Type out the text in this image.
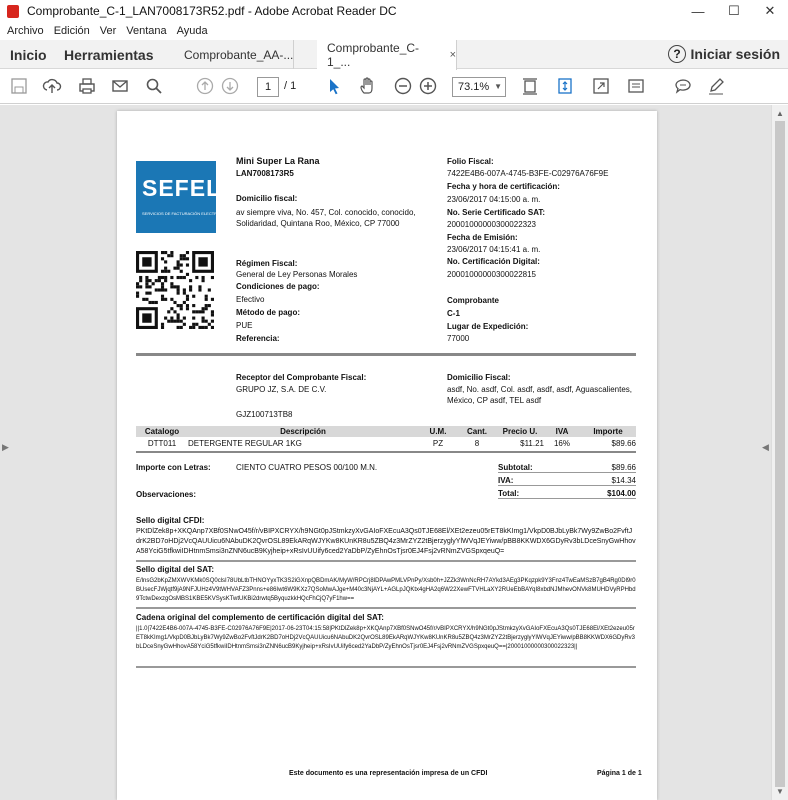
Comprobante_C-1_LAN7008173R52.pdf - Adobe Acrobat Reader DC	—	☐	✕
Archivo Edición Ver Ventana Ayuda
Inicio Herramientas	Comprobante_AA-...	Comprobante_C-1_...	×	? Iniciar sesión
1	/ 1	73.1% ▼
▶	◀
▲
▼
SEFEL
SERVICIOS DE FACTURACIÓN ELECTRÓNICA
Mini Super La Rana
LAN7008173R5
Domicilio fiscal:
av siempre viva, No. 457, Col. conocido, conocido,
Solidaridad, Quintana Roo, México, CP 77000
Régimen Fiscal:
General de Ley Personas Morales
Condiciones de pago:
Efectivo
Método de pago:
PUE
Referencia:
Folio Fiscal:
7422E4B6-007A-4745-B3FE-C02976A76F9E
Fecha y hora de certificación:
23/06/2017 04:15:00 a. m.
No. Serie Certificado SAT:
20001000000300022323
Fecha de Emisión:
23/06/2017 04:15:41 a. m.
No. Certificación Digital:
20001000000300022815
Comprobante
C-1
Lugar de Expedición:
77000
Receptor del Comprobante Fiscal:
GRUPO JZ, S.A. DE C.V.
GJZ100713TB8
Domicilio Fiscal:
asdf, No. asdf, Col. asdf, asdf, asdf, Aguascalientes,
México, CP asdf, TEL asdf
Catalogo	Descripción	U.M.	Cant.	Precio U.	IVA	Importe
DTT011	DETERGENTE REGULAR 1KG	PZ	8	$11.21	16%	$89.66
Importe con Letras:	CIENTO CUATRO PESOS 00/100 M.N.
Observaciones:
Subtotal:	$89.66
IVA:	$14.34
Total:	$104.00
Sello digital CFDI:
PKtDlZek8p+XKQAnp7XBf0SNwO45f/r/vBIPXCRYX/h9NGt0pJStmkzyXvGAIoFXEcuA3Qs0TJE68El/XEt2ezeu05rET8kKImg1/VkpD0BJbLyBk7Wy9ZwBo2FvftJdrK2BD7oHDj2VcQAUUicu6NAbuDK2QvrOSL89EkARqWJYKw8KUnKR8u5ZBQ4z3MrZYZ2tBjerzyglyYlWVqJEYiww/pBB8KKWDX6GDyRv3bLDceSnyGwHhovA58YciG5tfkwiIDHtnmSmsi3nZNN6ucB9Kyjheip+xRsIvUUify6ced2YaDbP/ZyEhnOsTjsr0EJ4Fsj2vRNmZVGSpxqeuQ=
Sello digital del SAT:
E/lnsG2bKpZMXWVKMk0SQ0clsI78UbLtbTHNOYyxTK3S2iGXnpQBDmAK/MyW/RPCrj8lDPAwPMLVPnPy/Xsb0h+JZZk3WnNcRH7AYkd3AEg3PKqzpk9Y3Fnz4TwEaMSzB7gB4Rg0Dl9r0BUsecFJWjqtf9jA9NFJUHz4V9tWHVAFZ3Pnns+e86Iwt6W9KXz7QSoMwAJge+M40c3NjAYL+AGLpJQKtx4gHA2q6W22XewFTVHLaXY2RUeEbBAYqI8xbdNJMhevONVk8MUHDVyRPHbd9TctwDexzgOsMBS1KBE5KVSysKTwtUKBi2drwtq5ByquzkkHQcFhCjQ7yF1hw==
Cadena original del complemento de certificación digital del SAT:
||1.0|7422E4B6-007A-4745-B3FE-C02976A76F9E|2017-06-23T04:15:58|PKtDlZek8p+XKQAnp7XBf0SNwO45f/r/vBIPXCRYX/h9NGt0pJStmkzyXvGAIoFXEcuA3Qs0TJE68El/XEt2ezeu05rET8kKImg1/VkpD0BJbLyBk7Wy9ZwBo2FvftJdrK2BD7oHDj2VcQAUUicu6NAbuDK2QvrOSL89EkARqWJYKw8KUnKR8u5ZBQ4z3MrZYZ2tBjerzyglyYlWVqJEYiww/pBB8KKWDX6GDyRv3bLDceSnyGwHhovA58YciG5tfkwiIDHtnmSmsi3nZNN6ucB9Kyjheip+xRsIvUUify6ced2YaDbP/ZyEhnOsTjsr0EJ4Fsj2vRNmZVGSpxqeuQ==|20001000000300022323||
Este documento es una representación impresa de un CFDI	Página 1 de 1
